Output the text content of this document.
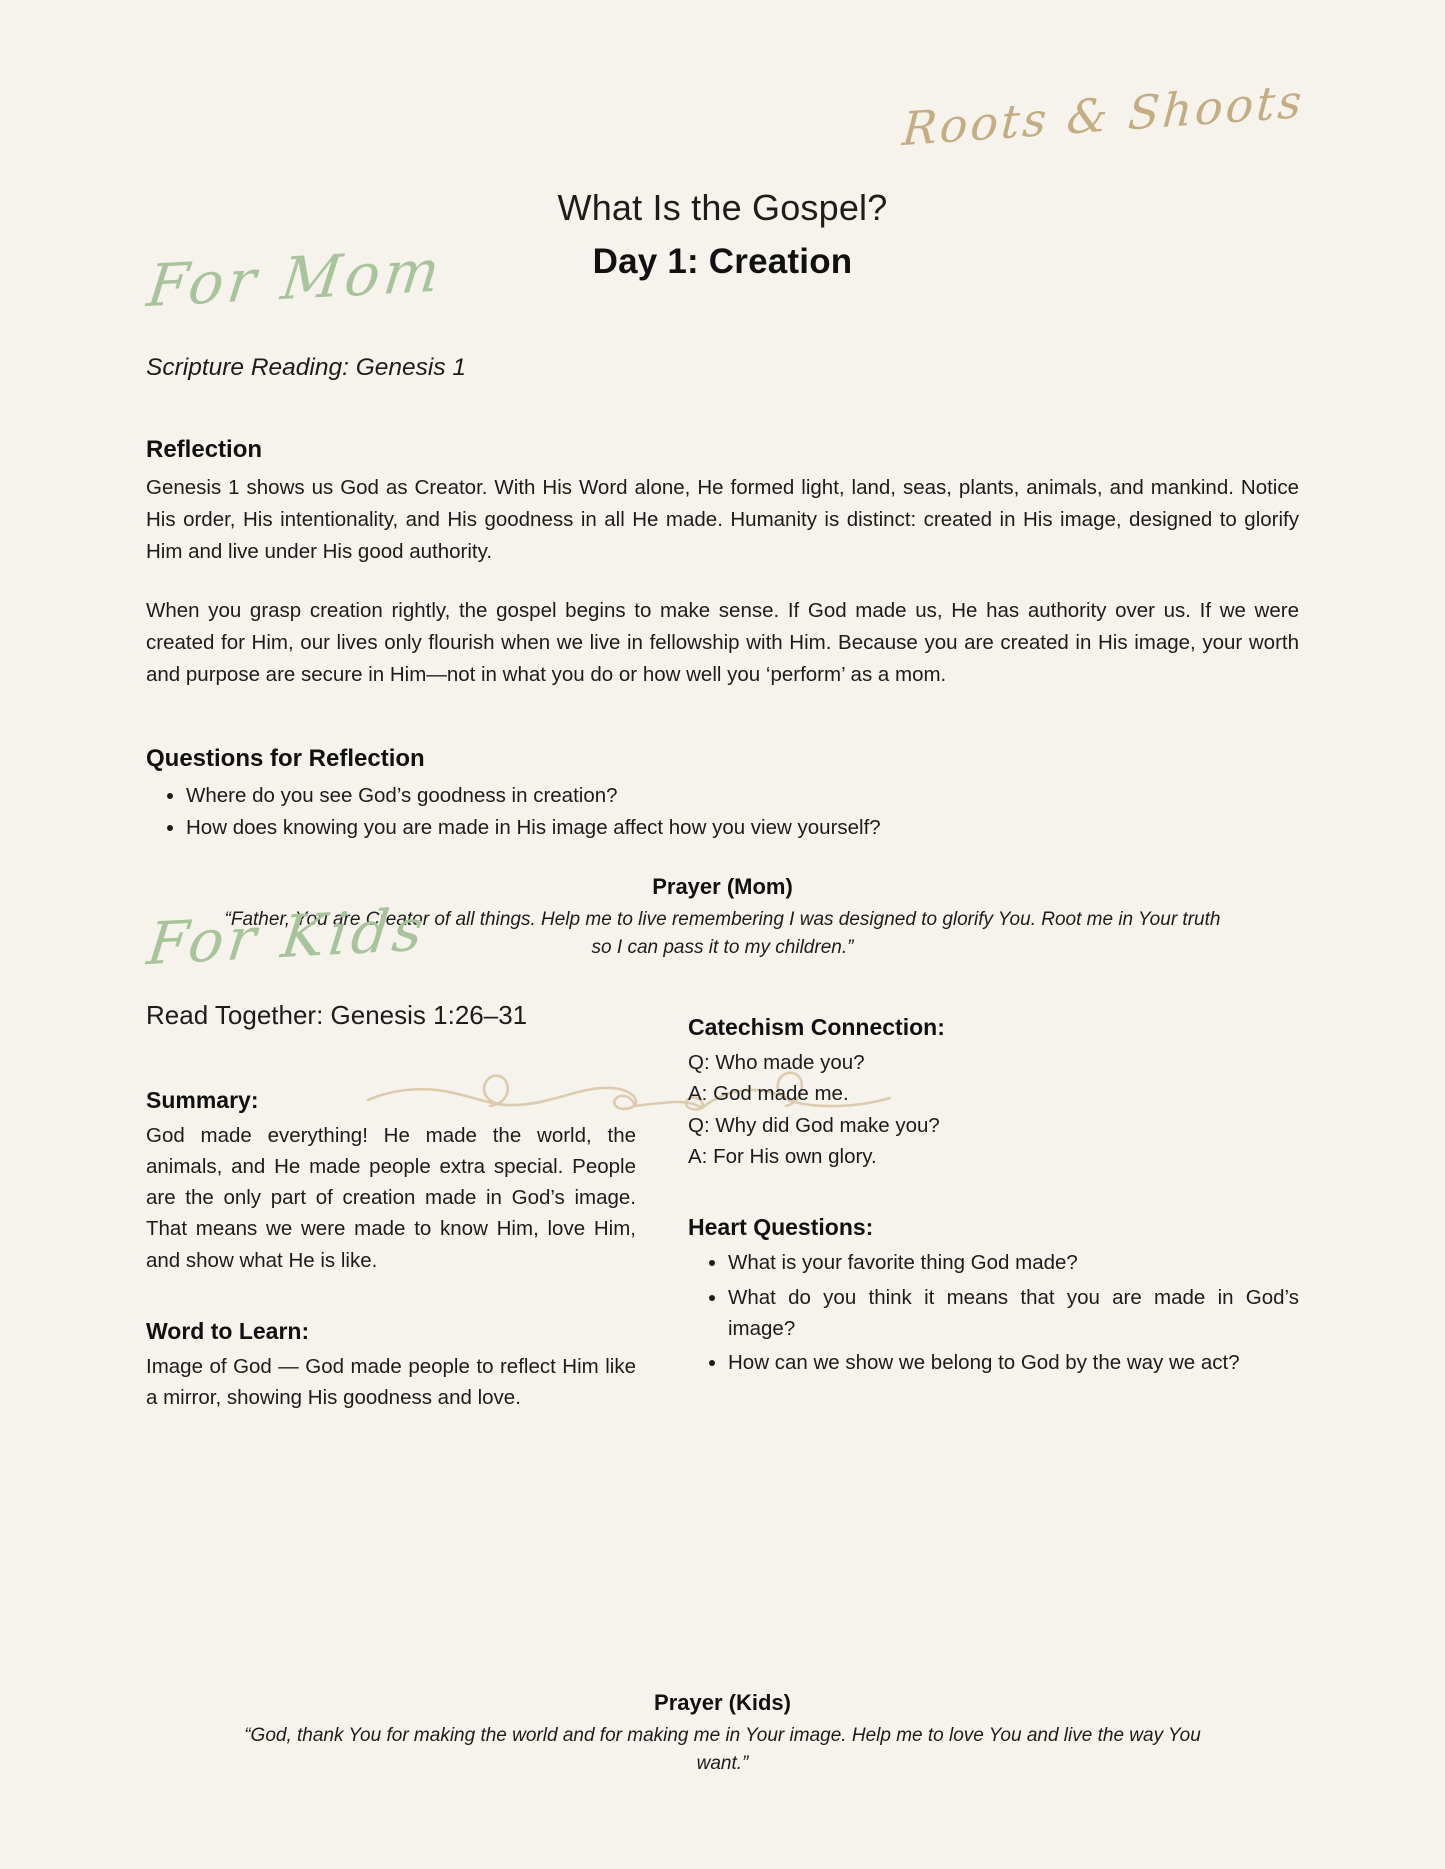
Roots & Shoots
What Is the Gospel?
Day 1: Creation
For Mom
Scripture Reading: Genesis 1
Reflection

Genesis 1 shows us God as Creator. With His Word alone, He formed light, land, seas, plants, animals, and mankind. Notice His order, His intentionality, and His goodness in all He made. Humanity is distinct: created in His image, designed to glorify Him and live under His good authority.

When you grasp creation rightly, the gospel begins to make sense. If God made us, He has authority over us. If we were created for Him, our lives only flourish when we live in fellowship with Him. Because you are created in His image, your worth and purpose are secure in Him—not in what you do or how well you ‘perform’ as a mom.

Questions for Reflection
• Where do you see God’s goodness in creation?
• How does knowing you are made in His image affect how you view yourself?
Prayer (Mom)
“Father, You are Creator of all things. Help me to live remembering I was designed to glorify You. Root me in Your truth so I can pass it to my children.”
For Kids
Read Together: Genesis 1:26–31
Summary:

God made everything! He made the world, the animals, and He made people extra special. People are the only part of creation made in God’s image. That means we were made to know Him, love Him, and show what He is like.

Word to Learn:

Image of God — God made people to reflect Him like a mirror, showing His goodness and love.

Catechism Connection:
Q: Who made you?
A: God made me.
Q: Why did God make you?
A: For His own glory.
Heart Questions:
• What is your favorite thing God made?
• What do you think it means that you are made in God’s image?
• How can we show we belong to God by the way we act?
Prayer (Kids)
“God, thank You for making the world and for making me in Your image. Help me to love You and live the way You want.”
